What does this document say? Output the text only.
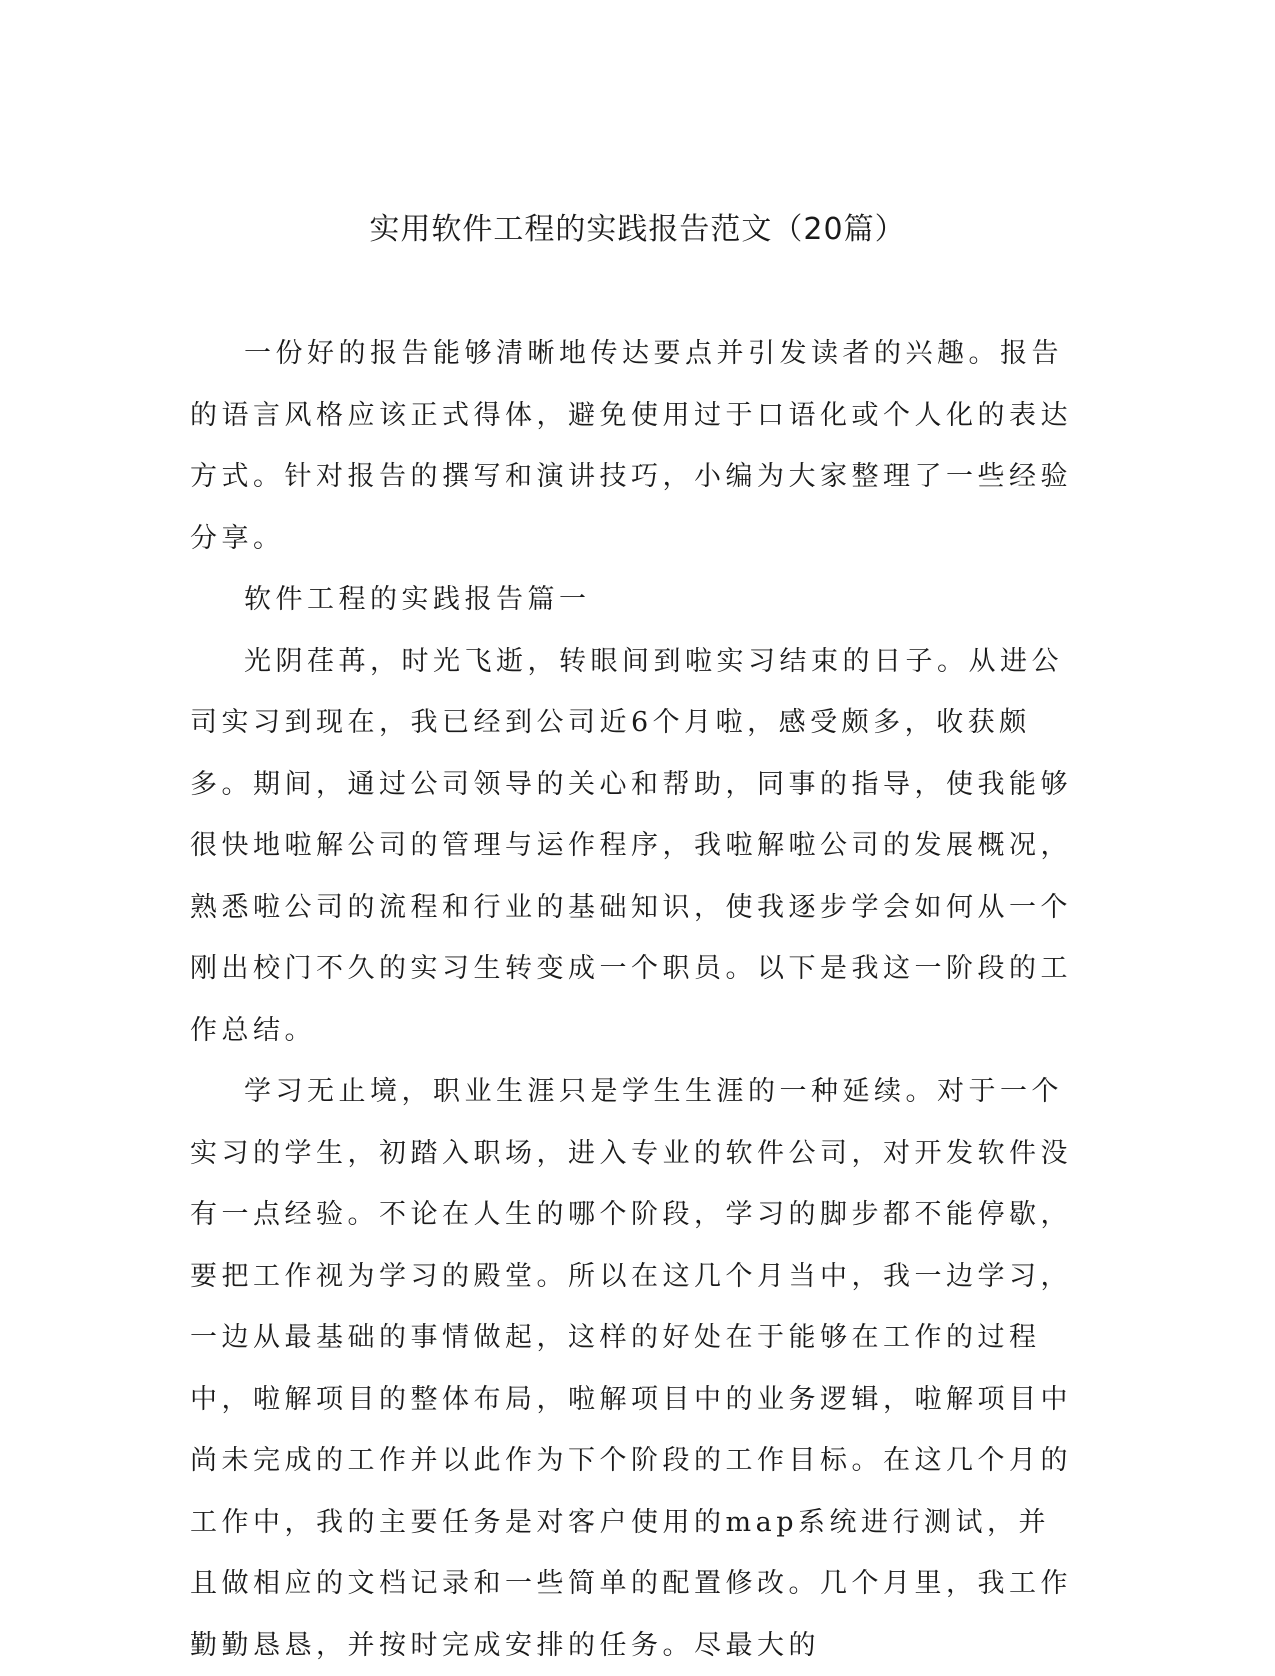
实用软件工程的实践报告范文（20篇）

一份好的报告能够清晰地传达要点并引发读者的兴趣。报告的语言风格应该正式得体，避免使用过于口语化或个人化的表达方式。针对报告的撰写和演讲技巧，小编为大家整理了一些经验分享。

软件工程的实践报告篇一

光阴荏苒，时光飞逝，转眼间到啦实习结束的日子。从进公司实习到现在，我已经到公司近6个月啦，感受颇多，收获颇多。期间，通过公司领导的关心和帮助，同事的指导，使我能够很快地啦解公司的管理与运作程序，我啦解啦公司的发展概况，熟悉啦公司的流程和行业的基础知识，使我逐步学会如何从一个刚出校门不久的实习生转变成一个职员。以下是我这一阶段的工作总结。

学习无止境，职业生涯只是学生生涯的一种延续。对于一个实习的学生，初踏入职场，进入专业的软件公司，对开发软件没有一点经验。不论在人生的哪个阶段，学习的脚步都不能停歇，要把工作视为学习的殿堂。所以在这几个月当中，我一边学习，一边从最基础的事情做起，这样的好处在于能够在工作的过程中，啦解项目的整体布局，啦解项目中的业务逻辑，啦解项目中尚未完成的工作并以此作为下个阶段的工作目标。在这几个月的工作中，我的主要任务是对客户使用的map系统进行测试，并且做相应的文档记录和一些简单的配置修改。几个月里，我工作勤勤恳恳，并按时完成安排的任务。尽最大的
